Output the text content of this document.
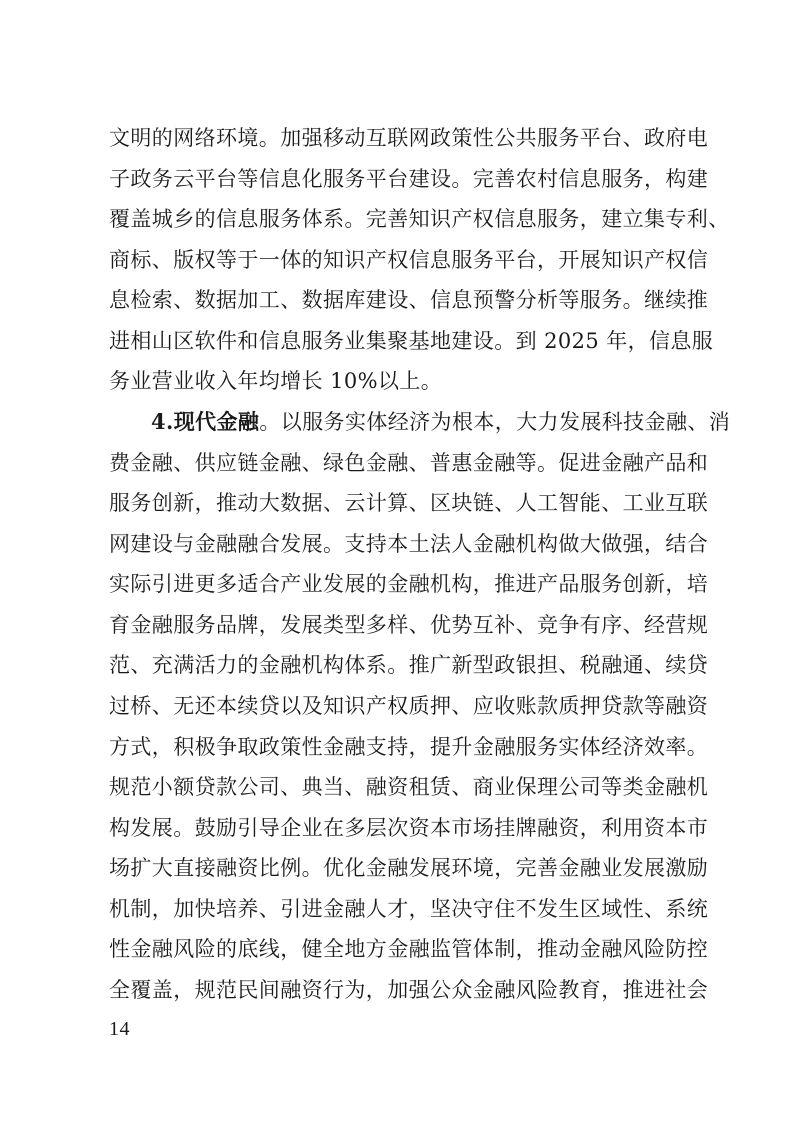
文明的网络环境。加强移动互联网政策性公共服务平台、政府电
子政务云平台等信息化服务平台建设。完善农村信息服务，构建
覆盖城乡的信息服务体系。完善知识产权信息服务，建立集专利、
商标、版权等于一体的知识产权信息服务平台，开展知识产权信
息检索、数据加工、数据库建设、信息预警分析等服务。继续推
进相山区软件和信息服务业集聚基地建设。到 2025 年，信息服
务业营业收入年均增长 10%以上。
4.现代金融。以服务实体经济为根本，大力发展科技金融、消
费金融、供应链金融、绿色金融、普惠金融等。促进金融产品和
服务创新，推动大数据、云计算、区块链、人工智能、工业互联
网建设与金融融合发展。支持本土法人金融机构做大做强，结合
实际引进更多适合产业发展的金融机构，推进产品服务创新，培
育金融服务品牌，发展类型多样、优势互补、竞争有序、经营规
范、充满活力的金融机构体系。推广新型政银担、税融通、续贷
过桥、无还本续贷以及知识产权质押、应收账款质押贷款等融资
方式，积极争取政策性金融支持，提升金融服务实体经济效率。
规范小额贷款公司、典当、融资租赁、商业保理公司等类金融机
构发展。鼓励引导企业在多层次资本市场挂牌融资，利用资本市
场扩大直接融资比例。优化金融发展环境，完善金融业发展激励
机制，加快培养、引进金融人才，坚决守住不发生区域性、系统
性金融风险的底线，健全地方金融监管体制，推动金融风险防控
全覆盖，规范民间融资行为，加强公众金融风险教育，推进社会
14
